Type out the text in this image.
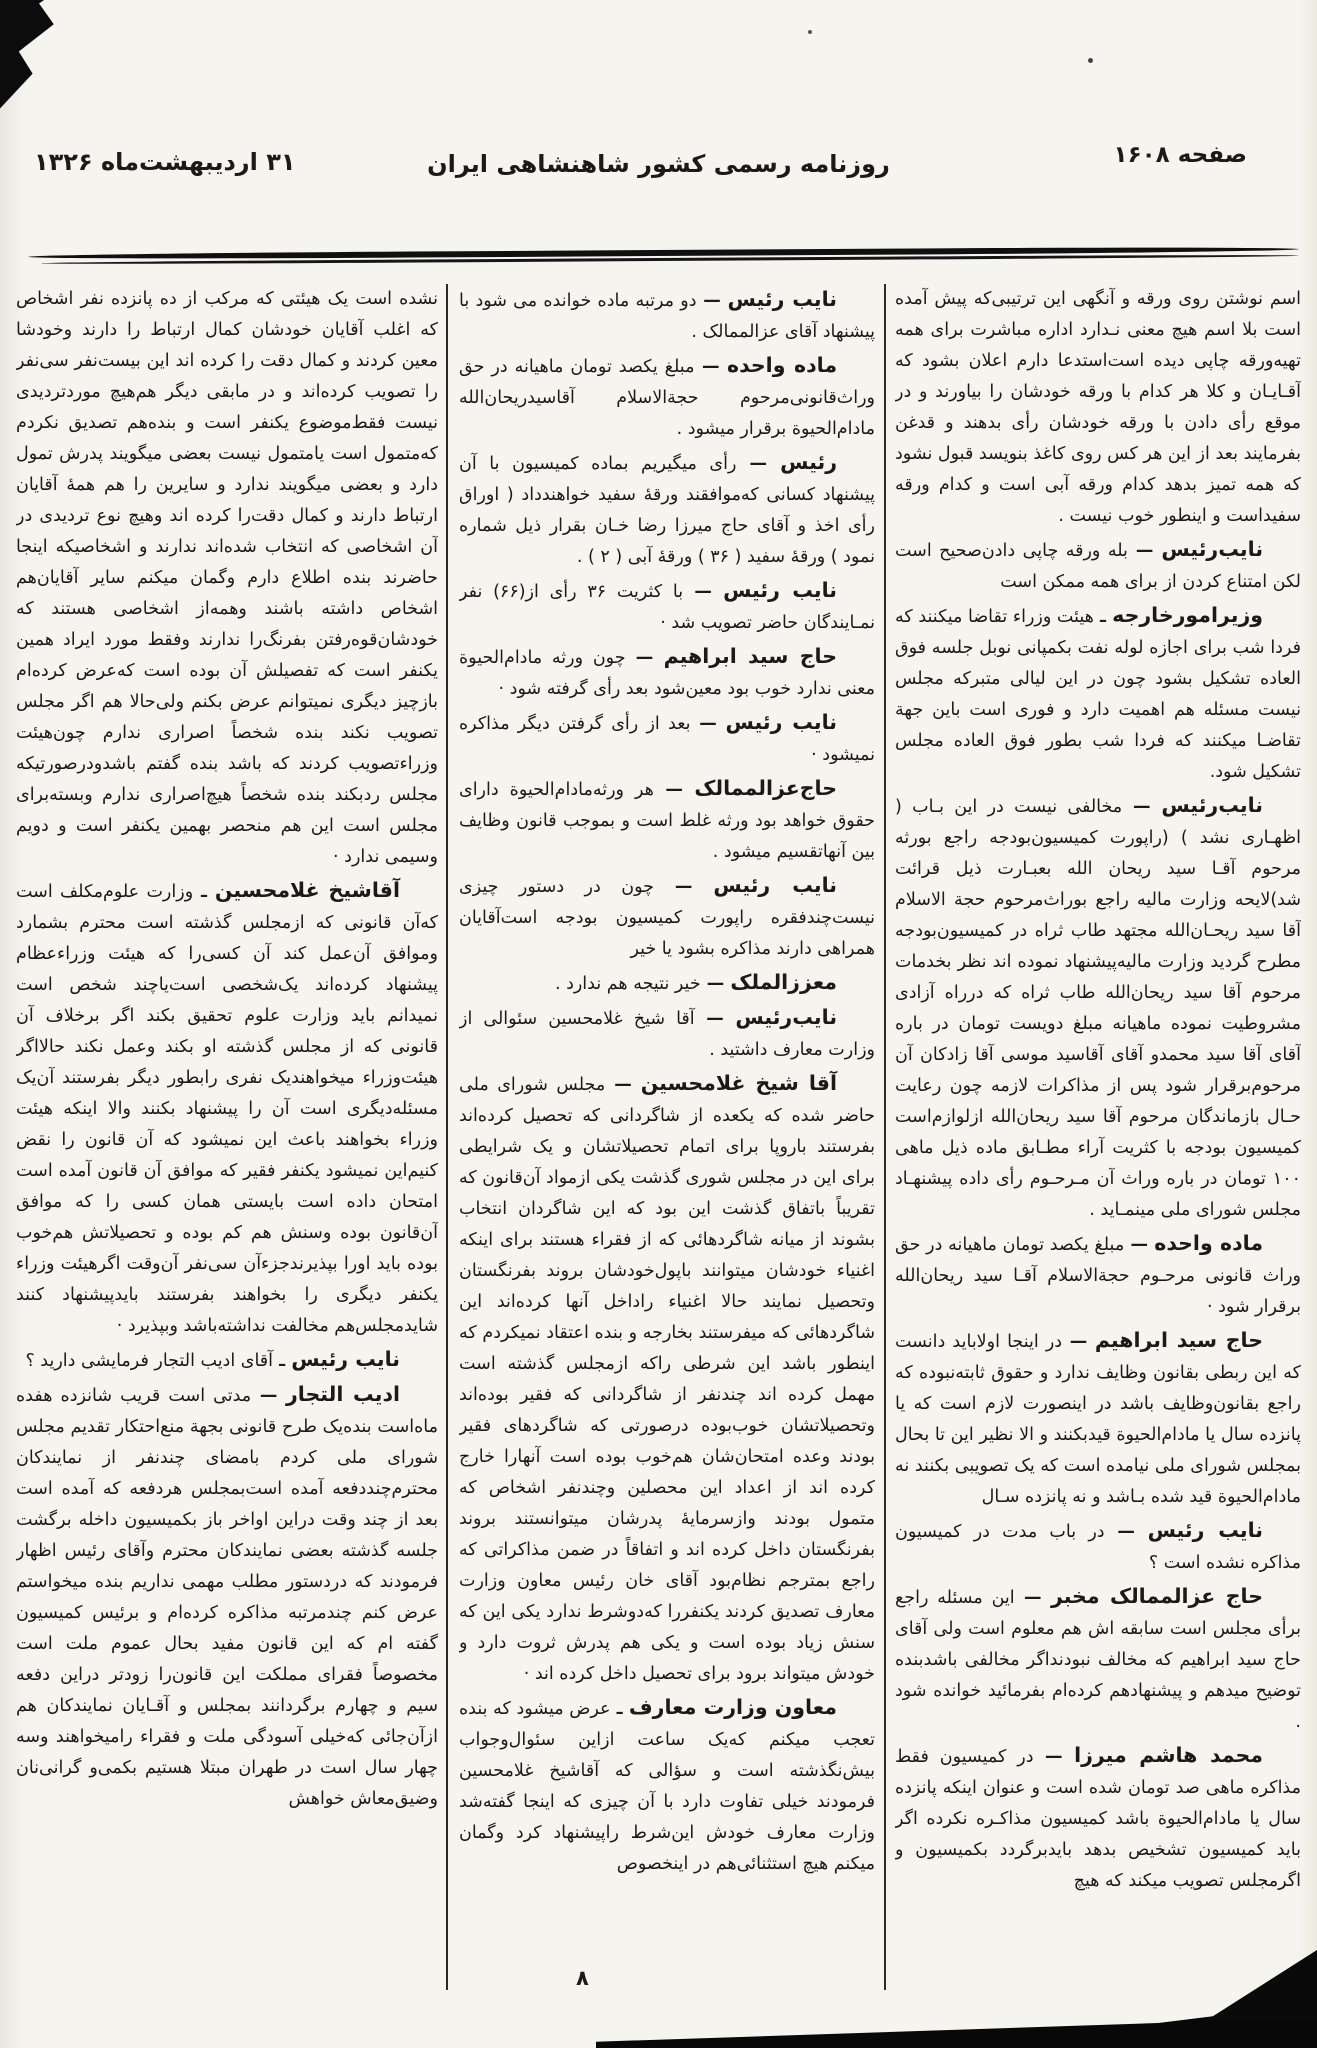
۳۱ اردیبهشت‌ماه ۱۳۲۶	روزنامه رسمی کشور شاهنشاهی ایران	صفحه ۱۶۰۸
اسم نوشتن روی ورقه و آنگهی این ترتیبی‌که پیش آمده است بلا اسم هیچ معنی نـدارد اداره مباشرت برای همه تهیه‌ورقه چاپی دیده است‌استدعا دارم اعلان بشود که آقـایـان و کلا هر کدام با ورقه خودشان را بیاورند و در موقع رأی دادن با ورقه خودشان رأی بدهند و قدغن بفرمایند بعد از این هر کس روی کاغذ بنویسد قبول نشود که همه تمیز بدهد کدام ورقه آبی است و کدام ورقه سفیداست و اینطور خوب نیست .
نایب‌رئیس — بله ورقه چاپی دادن‌صحیح است لکن امتناع کردن از برای همه ممکن است
وزیرامورخارجه ـ هیئت وزراء تقاضا میکنند که فردا شب برای اجازه لوله نفت بکمپانی نوبل جلسه فوق العاده تشکیل بشود چون در این لیالی متبرکه مجلس نیست مسئله هم اهمیت دارد و فوری است باین جهة تقاضـا میکنند که فردا شب بطور فوق العاده مجلس تشکیل شود.
نایب‌رئیس — مخالفی نیست در این بـاب ( اظهـاری نشد ) (راپورت کمیسیون‌بودجه راجع بورثه مرحوم آقـا سید ریحان الله بعبـارت ذیل قرائت شد)لایحه وزارت مالیه راجع بوراث‌مرحوم حجة الاسلام آقا سید ریحـان‌الله مجتهد طاب ثراه در کمیسیون‌بودجه مطرح گردید وزارت مالیه‌پیشنهاد نموده اند نظر بخدمات مرحوم آقا سید ریحان‌الله طاب ثراه که درراه آزادی مشروطیت نموده ماهیانه مبلغ دویست تومان در باره آقای آقا سید محمدو آقای آقاسید موسی آقا زادکان آن مرحوم‌برقرار شود پس از مذاکرات لازمه چون رعایت حـال بازماندگان مرحوم آقا سید ریحان‌الله ازلوازم‌است کمیسیون بودجه با کثریت آراء مطـابق ماده ذیل ماهی ۱۰۰ تومان در باره وراث آن مـرحـوم رأی داده پیشنهـاد مجلس شورای ملی مینمـاید .
ماده واحده — مبلغ یکصد تومان ماهیانه در حق وراث قانونی مرحـوم حجة‌الاسلام آقـا سید ریحان‌الله برقرار شود ·
حاج سید ابراهیم — در اینجا اولاباید دانست که این ربطی بقانون وظایف ندارد و حقوق ثابته‌نبوده که راجع بقانون‌وظایف باشد در اینصورت لازم است که یا پانزده سال یا مادام‌الحیوة قیدبکنند و الا نظیر این تا بحال بمجلس شورای ملی نیامده است که یک تصویبی بکنند نه مادام‌الحیوة قید شده بـاشد و نه پانزده سـال
نایب رئیس — در باب مدت در کمیسیون مذاکره نشده است ؟
حاج عزالممالک مخبر — این مسئله راجع برأی مجلس است سابقه اش هم معلوم است ولی آقای حاج سید ابراهیم که مخالف نبودنداگر مخالفی باشدبنده توضیح میدهم و پیشنهادهم کرده‌ام بفرمائید خوانده شود .
محمد هاشم میرزا — در کمیسیون فقط مذاکره ماهی صد تومان شده است و عنوان اینکه پانزده سال یا مادام‌الحیوة باشد کمیسیون مذاکـره نکرده اگر باید کمیسیون تشخیص بدهد بایدبرگردد بکمیسیون و اگرمجلس تصویب میکند که هیچ
نایب رئیس — دو مرتبه ماده خوانده می شود با پیشنهاد آقای عزالممالک .
ماده واحده — مبلغ یکصد تومان ماهیانه در حق وراث‌قانونی‌مرحوم حجة‌الاسلام آقاسیدریحان‌الله مادام‌الحیوة برقرار میشود .
رئیس — رأی میگیریم بماده کمیسیون با آن پیشنهاد کسانی که‌موافقند ورقهٔ سفید خواهندداد ( اوراق رأی اخذ و آقای حاج میرزا رضا خـان بقرار ذیل شماره نمود ) ورقهٔ سفید ( ۳۶ ) ورقهٔ آبی ( ۲ ) .
نایب رئیس — با کثریت ۳۶ رأی از(۶۶) نفر نمـایندگان حاضر تصویب شد ·
حاج سید ابراهیم — چون ورثه مادام‌الحیوة معنی ندارد خوب بود معین‌شود بعد رأی گرفته شود ·
نایب رئیس — بعد از رأی گرفتن دیگر مذاکره نمیشود ·
حاج‌عزالممالک — هر ورثه‌مادام‌الحیوة دارای حقوق خواهد بود ورثه غلط است و بموجب قانون وظایف بین آنهاتقسیم میشود .
نایب رئیس — چون در دستور چیزی نیست‌چندفقره راپورت کمیسیون بودجه است‌آقایان همراهی دارند مذاکره بشود یا خیر
معززالملک — خیر نتیجه هم ندارد .
نایب‌رئیس — آقا شیخ غلامحسین سئوالی از وزارت معارف داشتید .
آقا شیخ غلامحسین — مجلس شورای ملی حاضر شده که یکعده از شاگردانی که تحصیل کرده‌اند بفرستند باروپا برای اتمام تحصیلاتشان و یک شرایطی برای این در مجلس شوری گذشت یکی ازمواد آن‌قانون که تقریباً باتفاق گذشت این بود که این شاگردان انتخاب بشوند از میانه شاگردهائی که از فقراء هستند برای اینکه اغنیاء خودشان میتوانند باپول‌خودشان بروند بفرنگستان وتحصیل نمایند حالا اغنیاء راداخل آنها کرده‌اند این شاگردهائی که میفرستند بخارجه و بنده اعتقاد نمیکردم که اینطور باشد این شرطی راکه ازمجلس گذشته است مهمل کرده اند چندنفر از شاگردانی که فقیر بوده‌اند وتحصیلاتشان خوب‌بوده درصورتی که شاگردهای فقیر بودند وعده امتحان‌شان هم‌خوب بوده است آنهارا خارج کرده اند از اعداد این محصلین وچندنفر اشخاص که متمول بودند وازسرمایهٔ پدرشان میتوانستند بروند بفرنگستان داخل کرده اند و اتفاقاً در ضمن مذاکراتی که راجع بمترجم نظام‌بود آقای خان رئیس معاون وزارت معارف تصدیق کردند یکنفررا که‌دوشرط ندارد یکی این که سنش زیاد بوده است و یکی هم پدرش ثروت دارد و خودش میتواند برود برای تحصیل داخل کرده اند ·
معاون وزارت معارف ـ عرض میشود که بنده تعجب میکنم که‌یک ساعت ازاین سئوال‌وجواب بیش‌نگذشته است و سؤالی که آقاشیخ غلامحسین فرمودند خیلی تفاوت دارد با آن چیزی که اینجا گفته‌شد وزارت معارف خودش این‌شرط راپیشنهاد کرد وگمان میکنم هیچ استثنائی‌هم در اینخصوص
نشده است یک هیئتی که مرکب از ده پانزده نفر اشخاص که اغلب آقایان خودشان کمال ارتباط را دارند وخودشا معین کردند و کمال دقت را کرده اند این بیست‌نفر سی‌نفر را تصویب کرده‌اند و در مابقی دیگر هم‌هیچ موردتردیدی نیست فقط‌موضوع یکنفر است و بنده‌هم تصدیق نکردم که‌متمول است یامتمول نیست بعضی میگویند پدرش تمول دارد و بعضی میگویند ندارد و سایرین را هم همهٔ آقایان ارتباط دارند و کمال دقت‌را کرده اند وهیچ نوع تردیدی در آن اشخاصی که انتخاب شده‌اند ندارند و اشخاصیکه اینجا حاضرند بنده اطلاع دارم وگمان میکنم سایر آقایان‌هم اشخاص داشته باشند وهمه‌از اشخاصی هستند که خودشان‌قوه‌رفتن بفرنگ‌را ندارند وفقط مورد ایراد همین یکنفر است که تفصیلش آن بوده است که‌عرض کرده‌ام بازچیز دیگری نمیتوانم عرض بکنم ولی‌حالا هم اگر مجلس تصویب نکند بنده شخصاً اصراری ندارم چون‌هیئت وزراءتصویب کردند که باشد بنده گفتم باشدودرصورتیکه مجلس ردبکند بنده شخصاً هیچ‌اصراری ندارم وبسته‌برای مجلس است این هم منحصر بهمین یکنفر است و دویم وسیمی ندارد ·
آقاشیخ غلامحسین ـ وزارت علوم‌مکلف است که‌آن قانونی که ازمجلس گذشته است محترم بشمارد وموافق آن‌عمل کند آن کسی‌را که هیئت وزراءعظام پیشنهاد کرده‌اند یک‌شخصی است‌یاچند شخص است نمیدانم باید وزارت علوم تحقیق بکند اگر برخلاف آن قانونی که از مجلس گذشته او بکند وعمل نکند حالااگر هیئت‌وزراء میخواهندیک نفری رابطور دیگر بفرستند آن‌یک مسئله‌دیگری است آن را پیشنهاد بکنند والا اینکه هیئت وزراء بخواهند باعث این نمیشود که آن قانون را نقض کنیم‌این نمیشود یکنفر فقیر که موافق آن قانون آمده است امتحان داده است بایستی همان کسی را که موافق آن‌قانون بوده وسنش هم کم بوده و تحصیلاتش هم‌خوب بوده باید اورا بپذیرندجزءآن سی‌نفر آن‌وقت اگرهیئت وزراء یکنفر دیگری را بخواهند بفرستند بایدپیشنهاد کنند شایدمجلس‌هم مخالفت نداشته‌باشد وبپذیرد ·
نایب رئیس ـ آقای ادیب التجار فرمایشی دارید ؟
ادیب التجار — مدتی است قریب شانزده هفده ماه‌است بنده‌یک طرح قانونی بجهة منع‌احتکار تقدیم مجلس شورای ملی کردم بامضای چندنفر از نمایندکان محترم‌چنددفعه آمده است‌بمجلس هردفعه که آمده است بعد از چند وقت دراین اواخر باز بکمیسیون داخله برگشت جلسه گذشته بعضی نمایندکان محترم وآقای رئیس اظهار فرمودند که دردستور مطلب مهمی نداریم بنده میخواستم عرض کنم چندمرتبه مذاکره کرده‌ام و برئیس کمیسیون گفته ام که این قانون مفید بحال عموم ملت است مخصوصاً فقرای مملکت این قانون‌را زودتر دراین دفعه سیم و چهارم برگردانند بمجلس و آقـایان نمایندکان هم ازآن‌جائی که‌خیلی آسودگی ملت و فقراء رامیخواهند وسه چهار سال است در طهران مبتلا هستیم بکمی‌و گرانی‌نان وضیق‌معاش خواهش
۸
